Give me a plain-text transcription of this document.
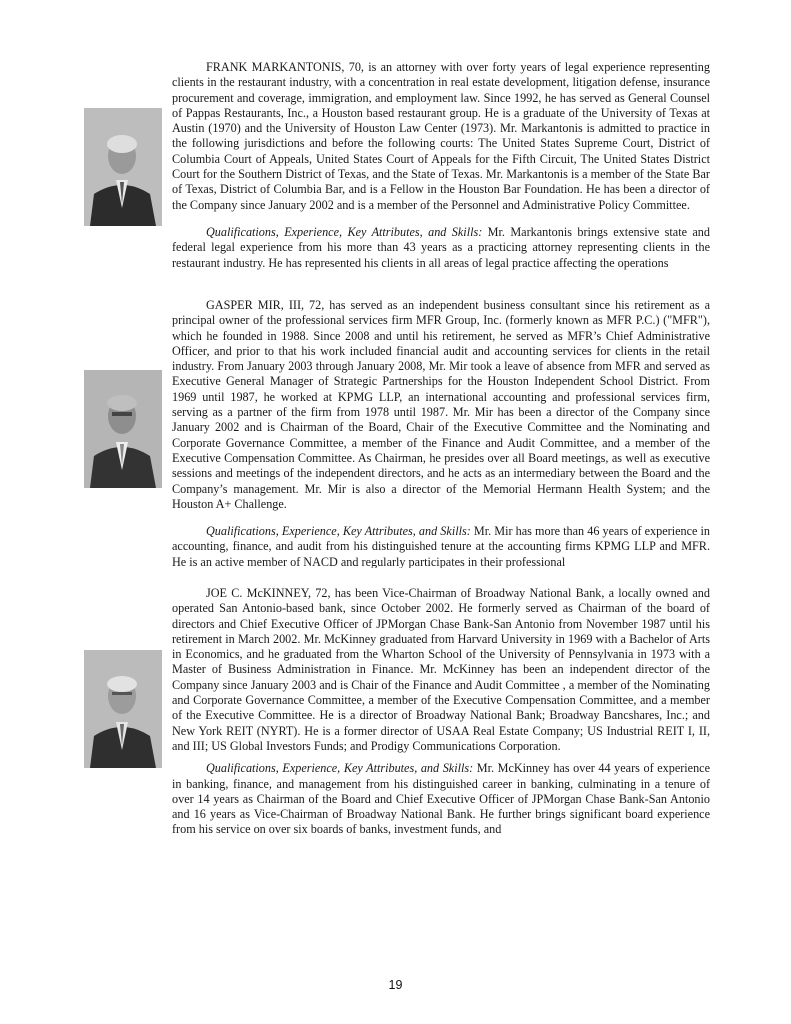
FRANK MARKANTONIS, 70, is an attorney with over forty years of legal experience representing clients in the restaurant industry, with a concentration in real estate development, litigation defense, insurance procurement and coverage, immigration, and employment law. Since 1992, he has served as General Counsel of Pappas Restaurants, Inc., a Houston based restaurant group. He is a graduate of the University of Texas at Austin (1970) and the University of Houston Law Center (1973). Mr. Markantonis is admitted to practice in the following jurisdictions and before the following courts: The United States Supreme Court, District of Columbia Court of Appeals, United States Court of Appeals for the Fifth Circuit, The United States District Court for the Southern District of Texas, and the State of Texas. Mr. Markantonis is a member of the State Bar of Texas, District of Columbia Bar, and is a Fellow in the Houston Bar Foundation. He has been a director of the Company since January 2002 and is a member of the Personnel and Administrative Policy Committee.

Qualifications, Experience, Key Attributes, and Skills: Mr. Markantonis brings extensive state and federal legal experience from his more than 43 years as a practicing attorney representing clients in the restaurant industry. He has represented his clients in all areas of legal practice affecting the operations

GASPER MIR, III, 72, has served as an independent business consultant since his retirement as a principal owner of the professional services firm MFR Group, Inc. (formerly known as MFR P.C.) ("MFR"), which he founded in 1988. Since 2008 and until his retirement, he served as MFR’s Chief Administrative Officer, and prior to that his work included financial audit and accounting services for clients in the retail industry. From January 2003 through January 2008, Mr. Mir took a leave of absence from MFR and served as Executive General Manager of Strategic Partnerships for the Houston Independent School District. From 1969 until 1987, he worked at KPMG LLP, an international accounting and professional services firm, serving as a partner of the firm from 1978 until 1987. Mr. Mir has been a director of the Company since January 2002 and is Chairman of the Board, Chair of the Executive Committee and the Nominating and Corporate Governance Committee, a member of the Finance and Audit Committee, and a member of the Executive Compensation Committee. As Chairman, he presides over all Board meetings, as well as executive sessions and meetings of the independent directors, and he acts as an intermediary between the Board and the Company’s management. Mr. Mir is also a director of the Memorial Hermann Health System; and the Houston A+ Challenge.

Qualifications, Experience, Key Attributes, and Skills: Mr. Mir has more than 46 years of experience in accounting, finance, and audit from his distinguished tenure at the accounting firms KPMG LLP and MFR. He is an active member of NACD and regularly participates in their professional

JOE C. McKINNEY, 72, has been Vice-Chairman of Broadway National Bank, a locally owned and operated San Antonio-based bank, since October 2002. He formerly served as Chairman of the board of directors and Chief Executive Officer of JPMorgan Chase Bank-San Antonio from November 1987 until his retirement in March 2002. Mr. McKinney graduated from Harvard University in 1969 with a Bachelor of Arts in Economics, and he graduated from the Wharton School of the University of Pennsylvania in 1973 with a Master of Business Administration in Finance. Mr. McKinney has been an independent director of the Company since January 2003 and is Chair of the Finance and Audit Committee , a member of the Nominating and Corporate Governance Committee, a member of the Executive Compensation Committee, and a member of the Executive Committee. He is a director of Broadway National Bank; Broadway Bancshares, Inc.; and New York REIT (NYRT). He is a former director of USAA Real Estate Company; US Industrial REIT I, II, and III; US Global Investors Funds; and Prodigy Communications Corporation.

Qualifications, Experience, Key Attributes, and Skills: Mr. McKinney has over 44 years of experience in banking, finance, and management from his distinguished career in banking, culminating in a tenure of over 14 years as Chairman of the Board and Chief Executive Officer of JPMorgan Chase Bank-San Antonio and 16 years as Vice-Chairman of Broadway National Bank. He further brings significant board experience from his service on over six boards of banks, investment funds, and

19
